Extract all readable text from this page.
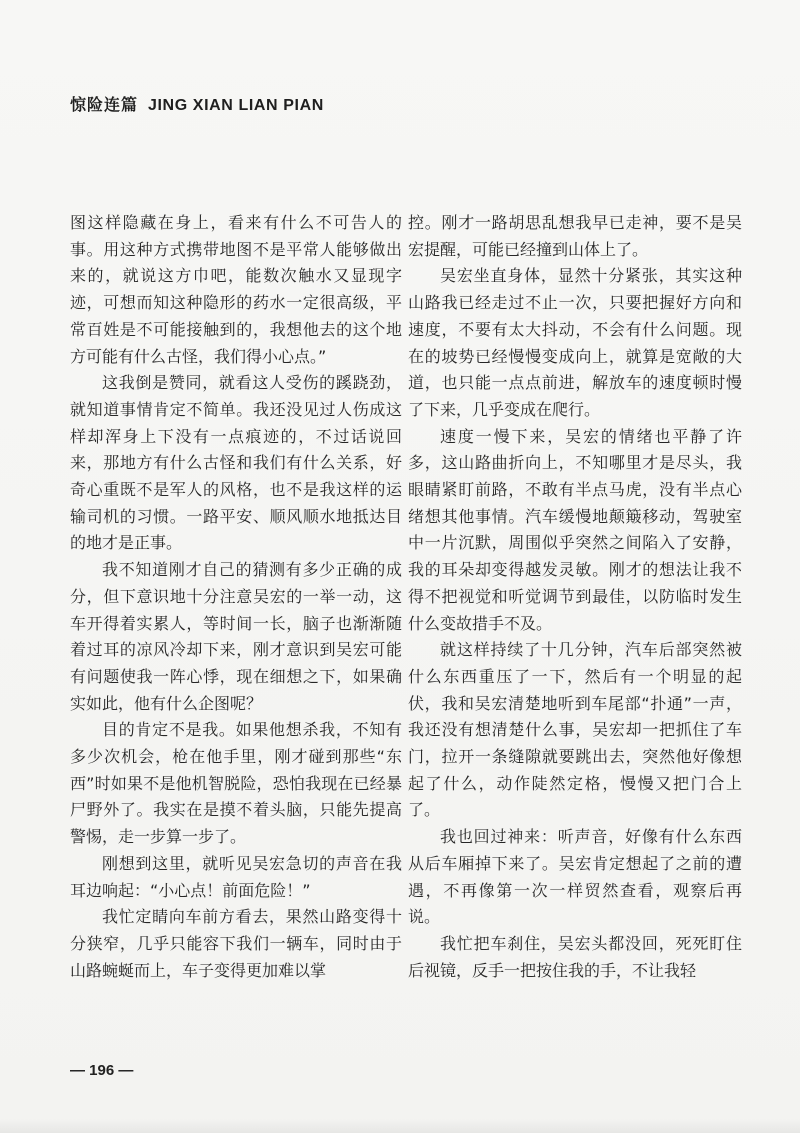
惊险连篇 JING XIAN LIAN PIAN

图这样隐藏在身上，看来有什么不可告人的事。用这种方式携带地图不是平常人能够做出来的，就说这方巾吧，能数次触水又显现字迹，可想而知这种隐形的药水一定很高级，平常百姓是不可能接触到的，我想他去的这个地方可能有什么古怪，我们得小心点。”

这我倒是赞同，就看这人受伤的蹊跷劲，就知道事情肯定不简单。我还没见过人伤成这样却浑身上下没有一点痕迹的，不过话说回来，那地方有什么古怪和我们有什么关系，好奇心重既不是军人的风格，也不是我这样的运输司机的习惯。一路平安、顺风顺水地抵达目的地才是正事。

我不知道刚才自己的猜测有多少正确的成分，但下意识地十分注意吴宏的一举一动，这车开得着实累人，等时间一长，脑子也渐渐随着过耳的凉风冷却下来，刚才意识到吴宏可能有问题使我一阵心悸，现在细想之下，如果确实如此，他有什么企图呢？

目的肯定不是我。如果他想杀我，不知有多少次机会，枪在他手里，刚才碰到那些“东西”时如果不是他机智脱险，恐怕我现在已经暴尸野外了。我实在是摸不着头脑，只能先提高警惕，走一步算一步了。

刚想到这里，就听见吴宏急切的声音在我耳边响起：“小心点！前面危险！”

我忙定睛向车前方看去，果然山路变得十分狭窄，几乎只能容下我们一辆车，同时由于山路蜿蜒而上，车子变得更加难以掌

控。刚才一路胡思乱想我早已走神，要不是吴宏提醒，可能已经撞到山体上了。

吴宏坐直身体，显然十分紧张，其实这种山路我已经走过不止一次，只要把握好方向和速度，不要有太大抖动，不会有什么问题。现在的坡势已经慢慢变成向上，就算是宽敞的大道，也只能一点点前进，解放车的速度顿时慢了下来，几乎变成在爬行。

速度一慢下来，吴宏的情绪也平静了许多，这山路曲折向上，不知哪里才是尽头，我眼睛紧盯前路，不敢有半点马虎，没有半点心绪想其他事情。汽车缓慢地颠簸移动，驾驶室中一片沉默，周围似乎突然之间陷入了安静，我的耳朵却变得越发灵敏。刚才的想法让我不得不把视觉和听觉调节到最佳，以防临时发生什么变故措手不及。

就这样持续了十几分钟，汽车后部突然被什么东西重压了一下，然后有一个明显的起伏，我和吴宏清楚地听到车尾部“扑通”一声，我还没有想清楚什么事，吴宏却一把抓住了车门，拉开一条缝隙就要跳出去，突然他好像想起了什么，动作陡然定格，慢慢又把门合上了。

我也回过神来：听声音，好像有什么东西从后车厢掉下来了。吴宏肯定想起了之前的遭遇，不再像第一次一样贸然查看，观察后再说。

我忙把车刹住，吴宏头都没回，死死盯住后视镜，反手一把按住我的手，不让我轻

— 196 —
